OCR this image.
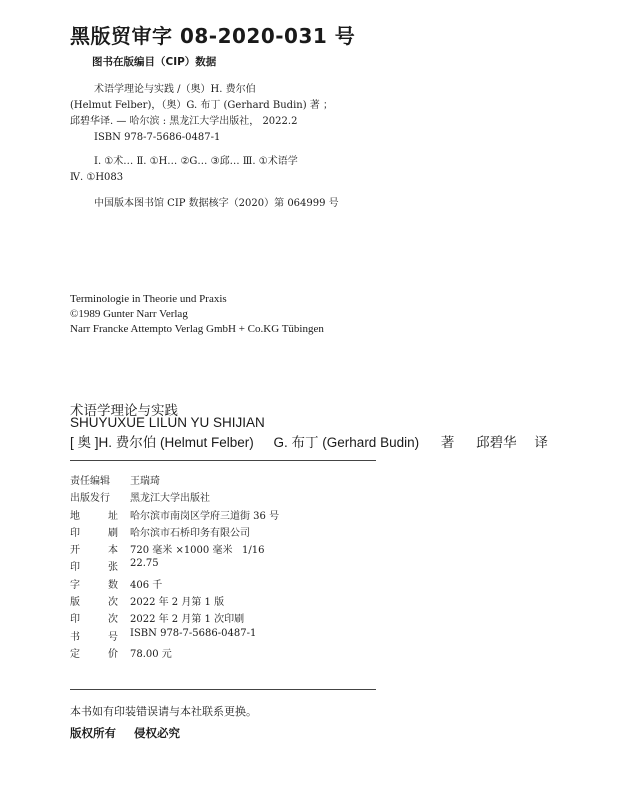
黑版贸审字 08-2020-031 号
图书在版编目（CIP）数据
术语学理论与实践 /（奥）H. 费尔伯
(Helmut Felber)，（奥）G. 布丁 (Gerhard Budin) 著 ；
邱碧华译. — 哈尔滨 : 黑龙江大学出版社， 2022.2
ISBN 978-7-5686-0487-1
Ⅰ. ①术… Ⅱ. ①H… ②G… ③邱… Ⅲ. ①术语学
Ⅳ. ①H083
中国版本图书馆 CIP 数据核字（2020）第 064999 号
Terminologie in Theorie und Praxis
©1989 Gunter Narr Verlag
Narr Francke Attempto Verlag GmbH + Co.KG Tübingen
术语学理论与实践
SHUYUXUE LILUN YU SHIJIAN
[ 奥 ]H. 费尔伯 (Helmut Felber) G. 布丁 (Gerhard Budin) 著 邱碧华 译
责任编辑 王瑞琦
出版发行 黑龙江大学出版社
地	址 哈尔滨市南岗区学府三道街 36 号
印	刷 哈尔滨市石桥印务有限公司
开	本 720 毫米 ×1000 毫米   1/16
印	张 22.75
字	数 406 千
版	次 2022 年 2 月第 1 版
印	次 2022 年 2 月第 1 次印刷
书	号 ISBN 978-7-5686-0487-1
定	价 78.00 元
本书如有印装错误请与本社联系更换。
版权所有 侵权必究
